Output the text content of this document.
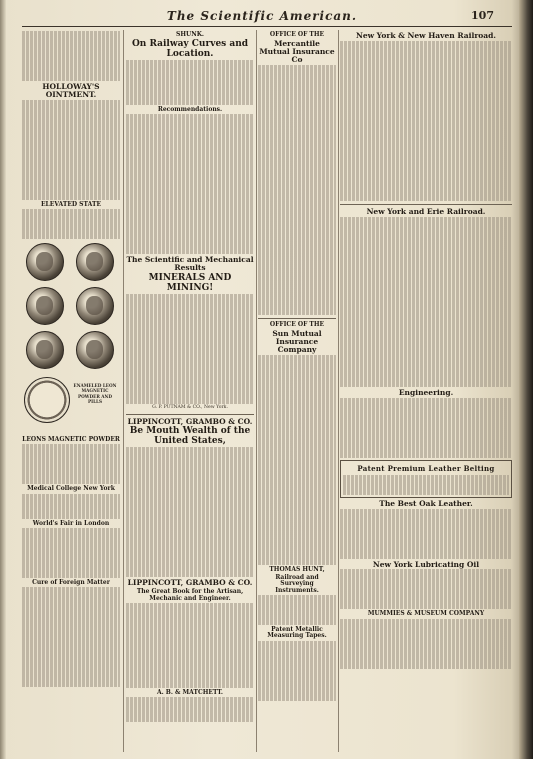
The Scientific American.	107
HOLLOWAY'S OINTMENT.
ELEVATED STATE
ENAMELED LEON MAGNETIC POWDER AND PILLS
LEONS MAGNETIC POWDER
Medical College New York
World's Fair in London
Cure of Foreign Matter
SHUNK.
On Railway Curves and Location.
Recommendations.
The Scientific and Mechanical Results
MINERALS AND MINING!
G. P. PUTNAM & CO., New York.
LIPPINCOTT, GRAMBO & CO.
Be Mouth Wealth of the United States,
LIPPINCOTT, GRAMBO & CO.
The Great Book for the Artisan, Mechanic and Engineer.
A. B. & MATCHETT.
OFFICE OF THE
Mercantile Mutual Insurance Co
OFFICE OF THE
Sun Mutual Insurance Company
THOMAS HUNT,
Railroad and Surveying Instruments.
Patent Metallic Measuring Tapes.
New York & New Haven Railroad.
New York and Erie Railroad.
Engineering.
Patent Premium Leather Belting
The Best Oak Leather.
New York Lubricating Oil
MUMMIES & MUSEUM COMPANY
